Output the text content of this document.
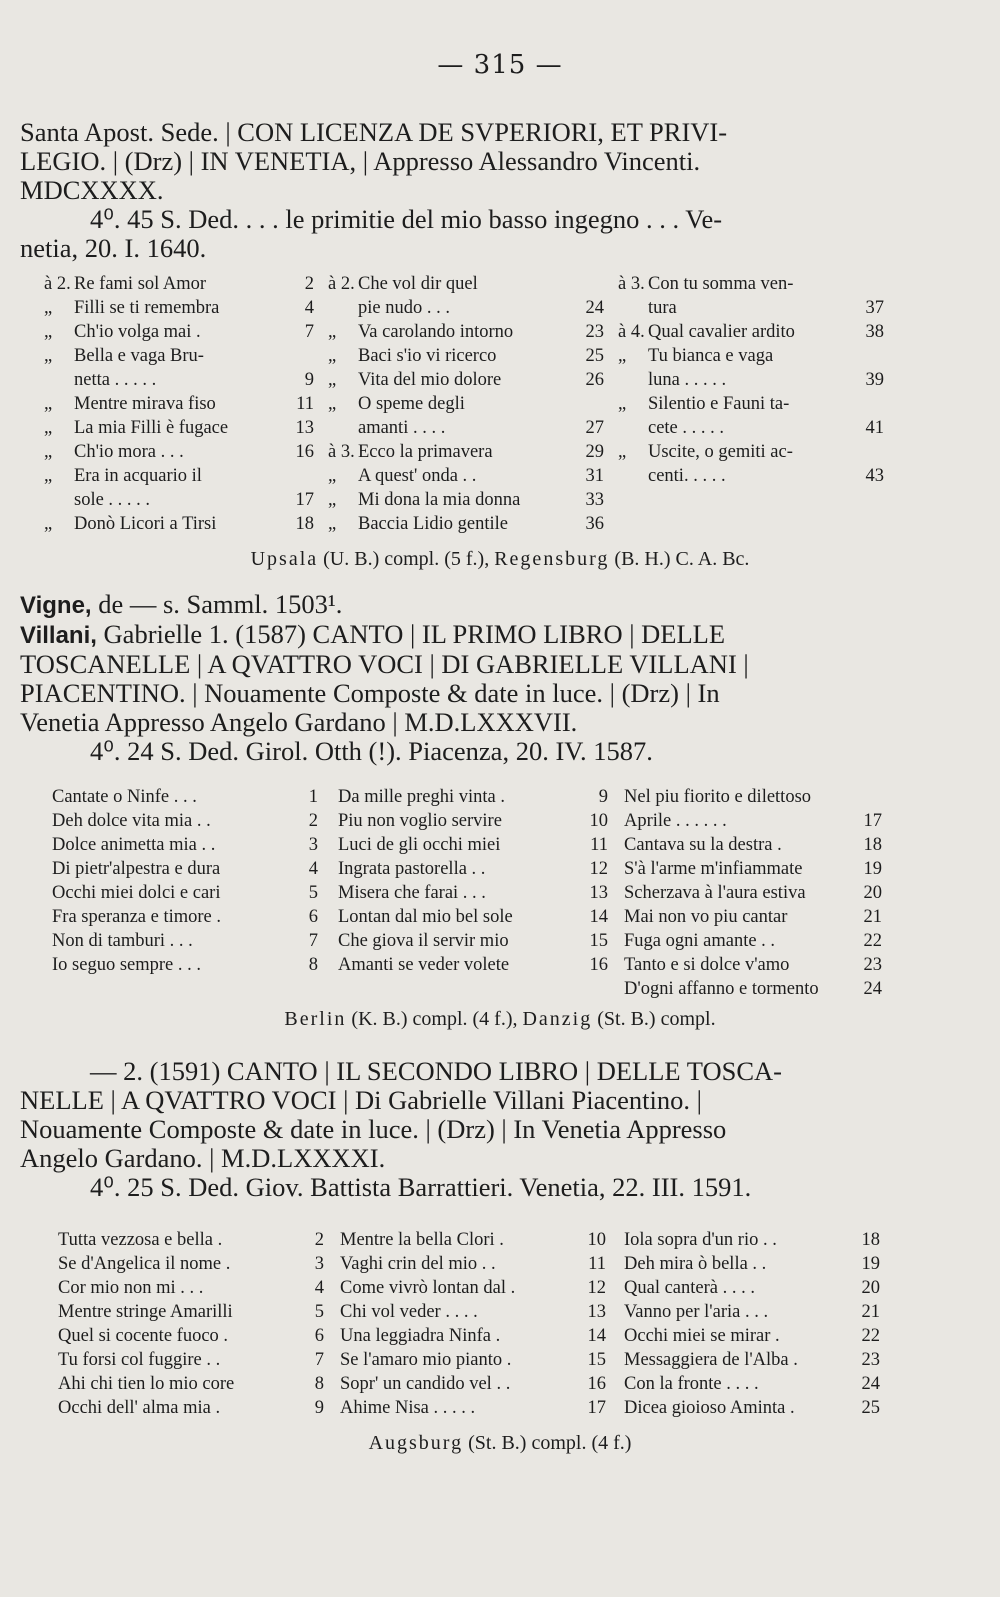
— 315 —
Santa Apost. Sede. | CON LICENZA DE SVPERIORI, ET PRIVI-
LEGIO. | (Drz) | IN VENETIA, | Appresso Alessandro Vincenti.
MDCXXXX.
4⁰. 45 S. Ded. . . . le primitie del mio basso ingegno . . . Ve-
netia, 20. I. 1640.
à 2. Re fami sol Amor	2
„ Filli se ti remembra	4
„ Ch'io volga mai .	7
„ Bella e vaga Bru-
netta . . . . .	9
„ Mentre mirava fiso	11
„ La mia Filli è fugace	13
„ Ch'io mora . . .	16
„ Era in acquario il
sole . . . . .	17
„ Donò Licori a Tirsi	18
à 2. Che vol dir quel
pie nudo . . .	24
„ Va carolando intorno	23
„ Baci s'io vi ricerco	25
„ Vita del mio dolore	26
„ O speme degli
amanti . . . .	27
à 3. Ecco la primavera	29
„ A quest' onda . .	31
„ Mi dona la mia donna	33
„ Baccia Lidio gentile	36
à 3. Con tu somma ven-
tura	37
à 4. Qual cavalier ardito	38
„ Tu bianca e vaga
luna . . . . .	39
„ Silentio e Fauni ta-
cete . . . . .	41
„ Uscite, o gemiti ac-
centi. . . . .	43
Upsala (U. B.) compl. (5 f.), Regensburg (B. H.) C. A. Bc.
Vigne, de — s. Samml. 1503¹.
Villani, Gabrielle 1. (1587) CANTO | IL PRIMO LIBRO | DELLE
TOSCANELLE | A QVATTRO VOCI | DI GABRIELLE VILLANI |
PIACENTINO. | Nouamente Composte & date in luce. | (Drz) | In
Venetia Appresso Angelo Gardano | M.D.LXXXVII.
4⁰. 24 S. Ded. Girol. Otth (!). Piacenza, 20. IV. 1587.
Cantate o Ninfe . . .	1
Deh dolce vita mia . .	2
Dolce animetta mia . .	3
Di pietr'alpestra e dura	4
Occhi miei dolci e cari	5
Fra speranza e timore .	6
Non di tamburi . . .	7
Io seguo sempre . . .	8
Da mille preghi vinta .	9
Piu non voglio servire	10
Luci de gli occhi miei	11
Ingrata pastorella . .	12
Misera che farai . . .	13
Lontan dal mio bel sole	14
Che giova il servir mio	15
Amanti se veder volete	16
Nel piu fiorito e dilettoso
Aprile . . . . . .	17
Cantava su la destra .	18
S'à l'arme m'infiammate	19
Scherzava à l'aura estiva	20
Mai non vo piu cantar	21
Fuga ogni amante . .	22
Tanto e si dolce v'amo	23
D'ogni affanno e tormento 24
Berlin (K. B.) compl. (4 f.), Danzig (St. B.) compl.
— 2. (1591) CANTO | IL SECONDO LIBRO | DELLE TOSCA-
NELLE | A QVATTRO VOCI | Di Gabrielle Villani Piacentino. |
Nouamente Composte & date in luce. | (Drz) | In Venetia Appresso
Angelo Gardano. | M.D.LXXXXI.
4⁰. 25 S. Ded. Giov. Battista Barrattieri. Venetia, 22. III. 1591.
Tutta vezzosa e bella .	2
Se d'Angelica il nome .	3
Cor mio non mi . . .	4
Mentre stringe Amarilli	5
Quel si cocente fuoco .	6
Tu forsi col fuggire . .	7
Ahi chi tien lo mio core	8
Occhi dell' alma mia .	9
Mentre la bella Clori .	10
Vaghi crin del mio . .	11
Come vivrò lontan dal .	12
Chi vol veder . . . .	13
Una leggiadra Ninfa .	14
Se l'amaro mio pianto .	15
Sopr' un candido vel . .	16
Ahime Nisa . . . . .	17
Iola sopra d'un rio . .	18
Deh mira ò bella . .	19
Qual canterà . . . .	20
Vanno per l'aria . . .	21
Occhi miei se mirar .	22
Messaggiera de l'Alba .	23
Con la fronte . . . .	24
Dicea gioioso Aminta .	25
Augsburg (St. B.) compl. (4 f.)
